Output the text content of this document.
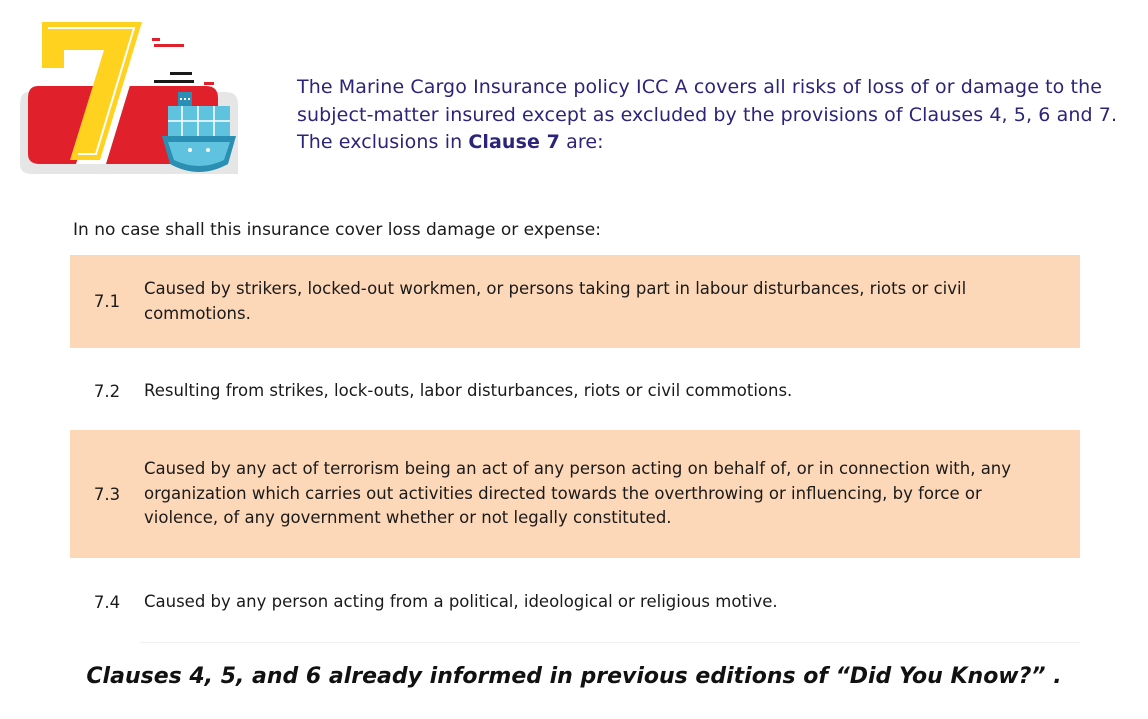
The Marine Cargo Insurance policy ICC A covers all risks of loss of or damage to the subject-matter insured except as excluded by the provisions of Clauses 4, 5, 6 and 7. The exclusions in Clause 7 are:
In no case shall this insurance cover loss damage or expense:
7.1
Caused by strikers, locked-out workmen, or persons taking part in labour disturbances, riots or civil commotions.
7.2	Resulting from strikes, lock-outs, labor disturbances, riots or civil commotions.
7.3
Caused by any act of terrorism being an act of any person acting on behalf of, or in connection with, any organization which carries out activities directed towards the overthrowing or influencing, by force or violence, of any government whether or not legally constituted.
7.4	Caused by any person acting from a political, ideological or religious motive.
Clauses 4, 5, and 6 already informed in previous editions of “Did You Know?” .
